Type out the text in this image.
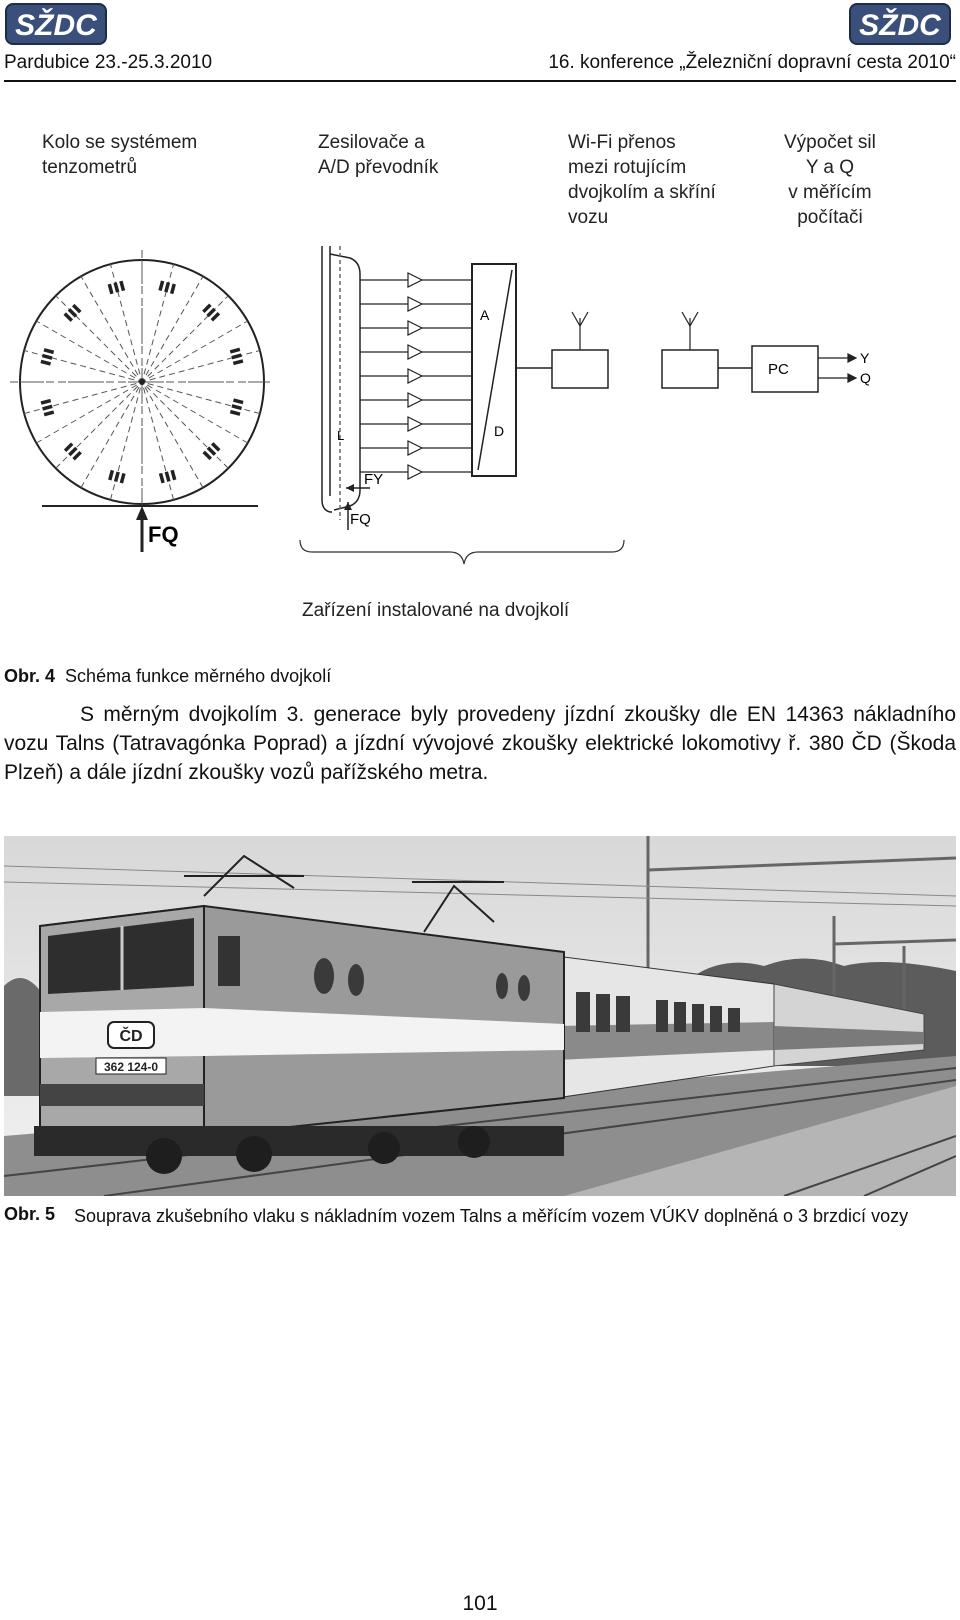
SŽDC	SŽDC
Pardubice 23.-25.3.2010	16. konference „Železniční dopravní cesta 2010“
Kolo se systémem
tenzometrů
Zesilovače a
A/D převodník
Wi-Fi přenos
mezi rotujícím
dvojkolím a skříní
vozu
Výpočet sil
Y a Q
v měřícím
počítači
FQ
L
FY
FQ
A
D
PC
Y
Q
Zařízení instalované na dvojkolí
Obr. 4 Schéma funkce měrného dvojkolí

S měrným dvojkolím 3. generace byly provedeny jízdní zkoušky dle EN 14363 nákladního vozu Talns (Tatravagónka Poprad) a jízdní vývojové zkoušky elektrické lokomotivy ř. 380 ČD (Škoda Plzeň) a dále jízdní zkoušky vozů pařížského metra.

ČD
362 124-0
Obr. 5	Souprava zkušebního vlaku s nákladním vozem Talns a měřícím vozem VÚKV doplněná o 3 brzdicí vozy
101
